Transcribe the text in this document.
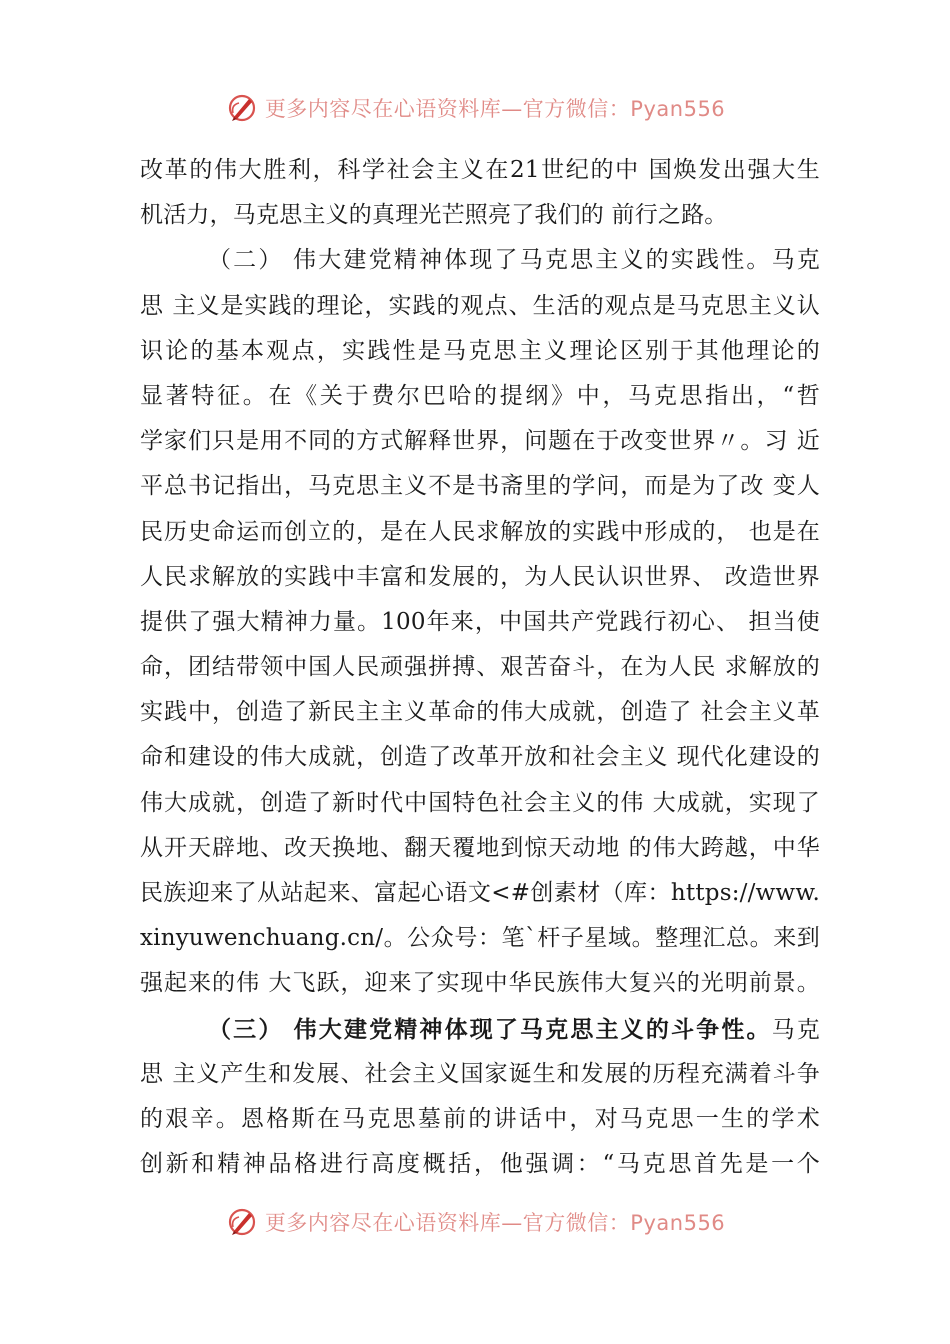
更多内容尽在心语资料库—官方微信：Pyan556
改革的伟大胜利，科学社会主义在21世纪的中 国焕发出强大生
机活力，马克思主义的真理光芒照亮了我们的 前行之路。
（二） 伟大建党精神体现了马克思主义的实践性。马克
思 主义是实践的理论，实践的观点、生活的观点是马克思主义认
识论的基本观点，实践性是马克思主义理论区别于其他理论的
显著特征。在《关于费尔巴哈的提纲》中，马克思指出，“哲
学家们只是用不同的方式解释世界，问题在于改变世界〃。习 近
平总书记指出，马克思主义不是书斋里的学问，而是为了改 变人
民历史命运而创立的，是在人民求解放的实践中形成的， 也是在
人民求解放的实践中丰富和发展的，为人民认识世界、 改造世界
提供了强大精神力量。100年来，中国共产党践行初心、 担当使
命，团结带领中国人民顽强拼搏、艰苦奋斗，在为人民 求解放的
实践中，创造了新民主主义革命的伟大成就，创造了 社会主义革
命和建设的伟大成就，创造了改革开放和社会主义 现代化建设的
伟大成就，创造了新时代中国特色社会主义的伟 大成就，实现了
从开天辟地、改天换地、翻天覆地到惊天动地 的伟大跨越，中华
民族迎来了从站起来、富起心语文<#创素材（库：https://www.
xinyuwenchuang.cn/。公众号：笔`杆子星域。整理汇总。来到
强起来的伟 大飞跃，迎来了实现中华民族伟大复兴的光明前景。
（三） 伟大建党精神体现了马克思主义的斗争性。马克
思 主义产生和发展、社会主义国家诞生和发展的历程充满着斗争
的艰辛。恩格斯在马克思墓前的讲话中，对马克思一生的学术
创新和精神品格进行高度概括，他强调：“马克思首先是一个
更多内容尽在心语资料库—官方微信：Pyan556
